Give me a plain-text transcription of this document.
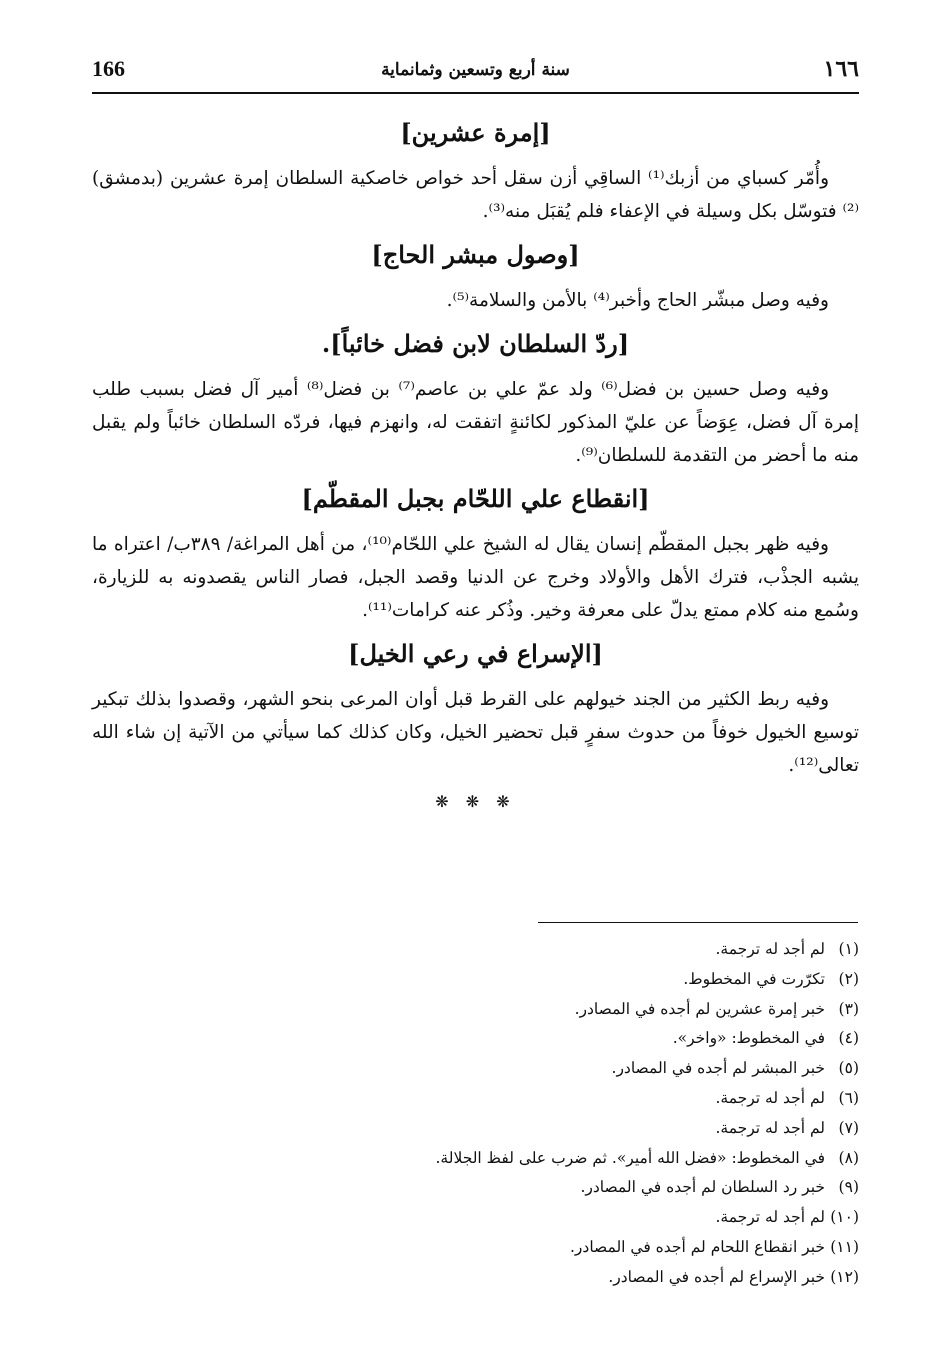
166	سنة أربع وتسعين وثمانماية	١٦٦
[إمرة عشرين]

وأُمّر كسباي من أزبك⁽¹⁾ الساقِي أزن سقل أحد خواص خاصكية السلطان إمرة عشرين (بدمشق)⁽²⁾ فتوسّل بكل وسيلة في الإعفاء فلم يُقبَل منه⁽³⁾.

[وصول مبشر الحاج]

وفيه وصل مبشّر الحاج وأخبر⁽⁴⁾ بالأمن والسلامة⁽⁵⁾.

[ردّ السلطان لابن فضل خائباً].

وفيه وصل حسين بن فضل⁽⁶⁾ ولد عمّ علي بن عاصم⁽⁷⁾ بن فضل⁽⁸⁾ أمير آل فضل بسبب طلب إمرة آل فضل، عِوَضاً عن عليّ المذكور لكائنةٍ اتفقت له، وانهزم فيها، فردّه السلطان خائباً ولم يقبل منه ما أحضر من التقدمة للسلطان⁽⁹⁾.

[انقطاع علي اللحّام بجبل المقطّم]

وفيه ظهر بجبل المقطّم إنسان يقال له الشيخ علي اللحّام⁽¹⁰⁾، من أهل المراغة/ ٣٨٩ب/ اعتراه ما يشبه الجذْب، فترك الأهل والأولاد وخرج عن الدنيا وقصد الجبل، فصار الناس يقصدونه به للزيارة، وسُمع منه كلام ممتع يدلّ على معرفة وخير. وذُكر عنه كرامات⁽¹¹⁾.

[الإسراع في رعي الخيل]

وفيه ربط الكثير من الجند خيولهم على القرط قبل أوان المرعى بنحو الشهر، وقصدوا بذلك تبكير توسيع الخيول خوفاً من حدوث سفرٍ قبل تحضير الخيل، وكان كذلك كما سيأتي من الآتية إن شاء الله تعالى⁽¹²⁾.

❋ ❋ ❋
(١)لم أجد له ترجمة.
(٢)تكرّرت في المخطوط.
(٣)خبر إمرة عشرين لم أجده في المصادر.
(٤)في المخطوط: «واخر».
(٥)خبر المبشر لم أجده في المصادر.
(٦)لم أجد له ترجمة.
(٧)لم أجد له ترجمة.
(٨)في المخطوط: «فضل الله أمير». ثم ضرب على لفظ الجلالة.
(٩)خبر رد السلطان لم أجده في المصادر.
(١٠)لم أجد له ترجمة.
(١١)خبر انقطاع اللحام لم أجده في المصادر.
(١٢)خبر الإسراع لم أجده في المصادر.
